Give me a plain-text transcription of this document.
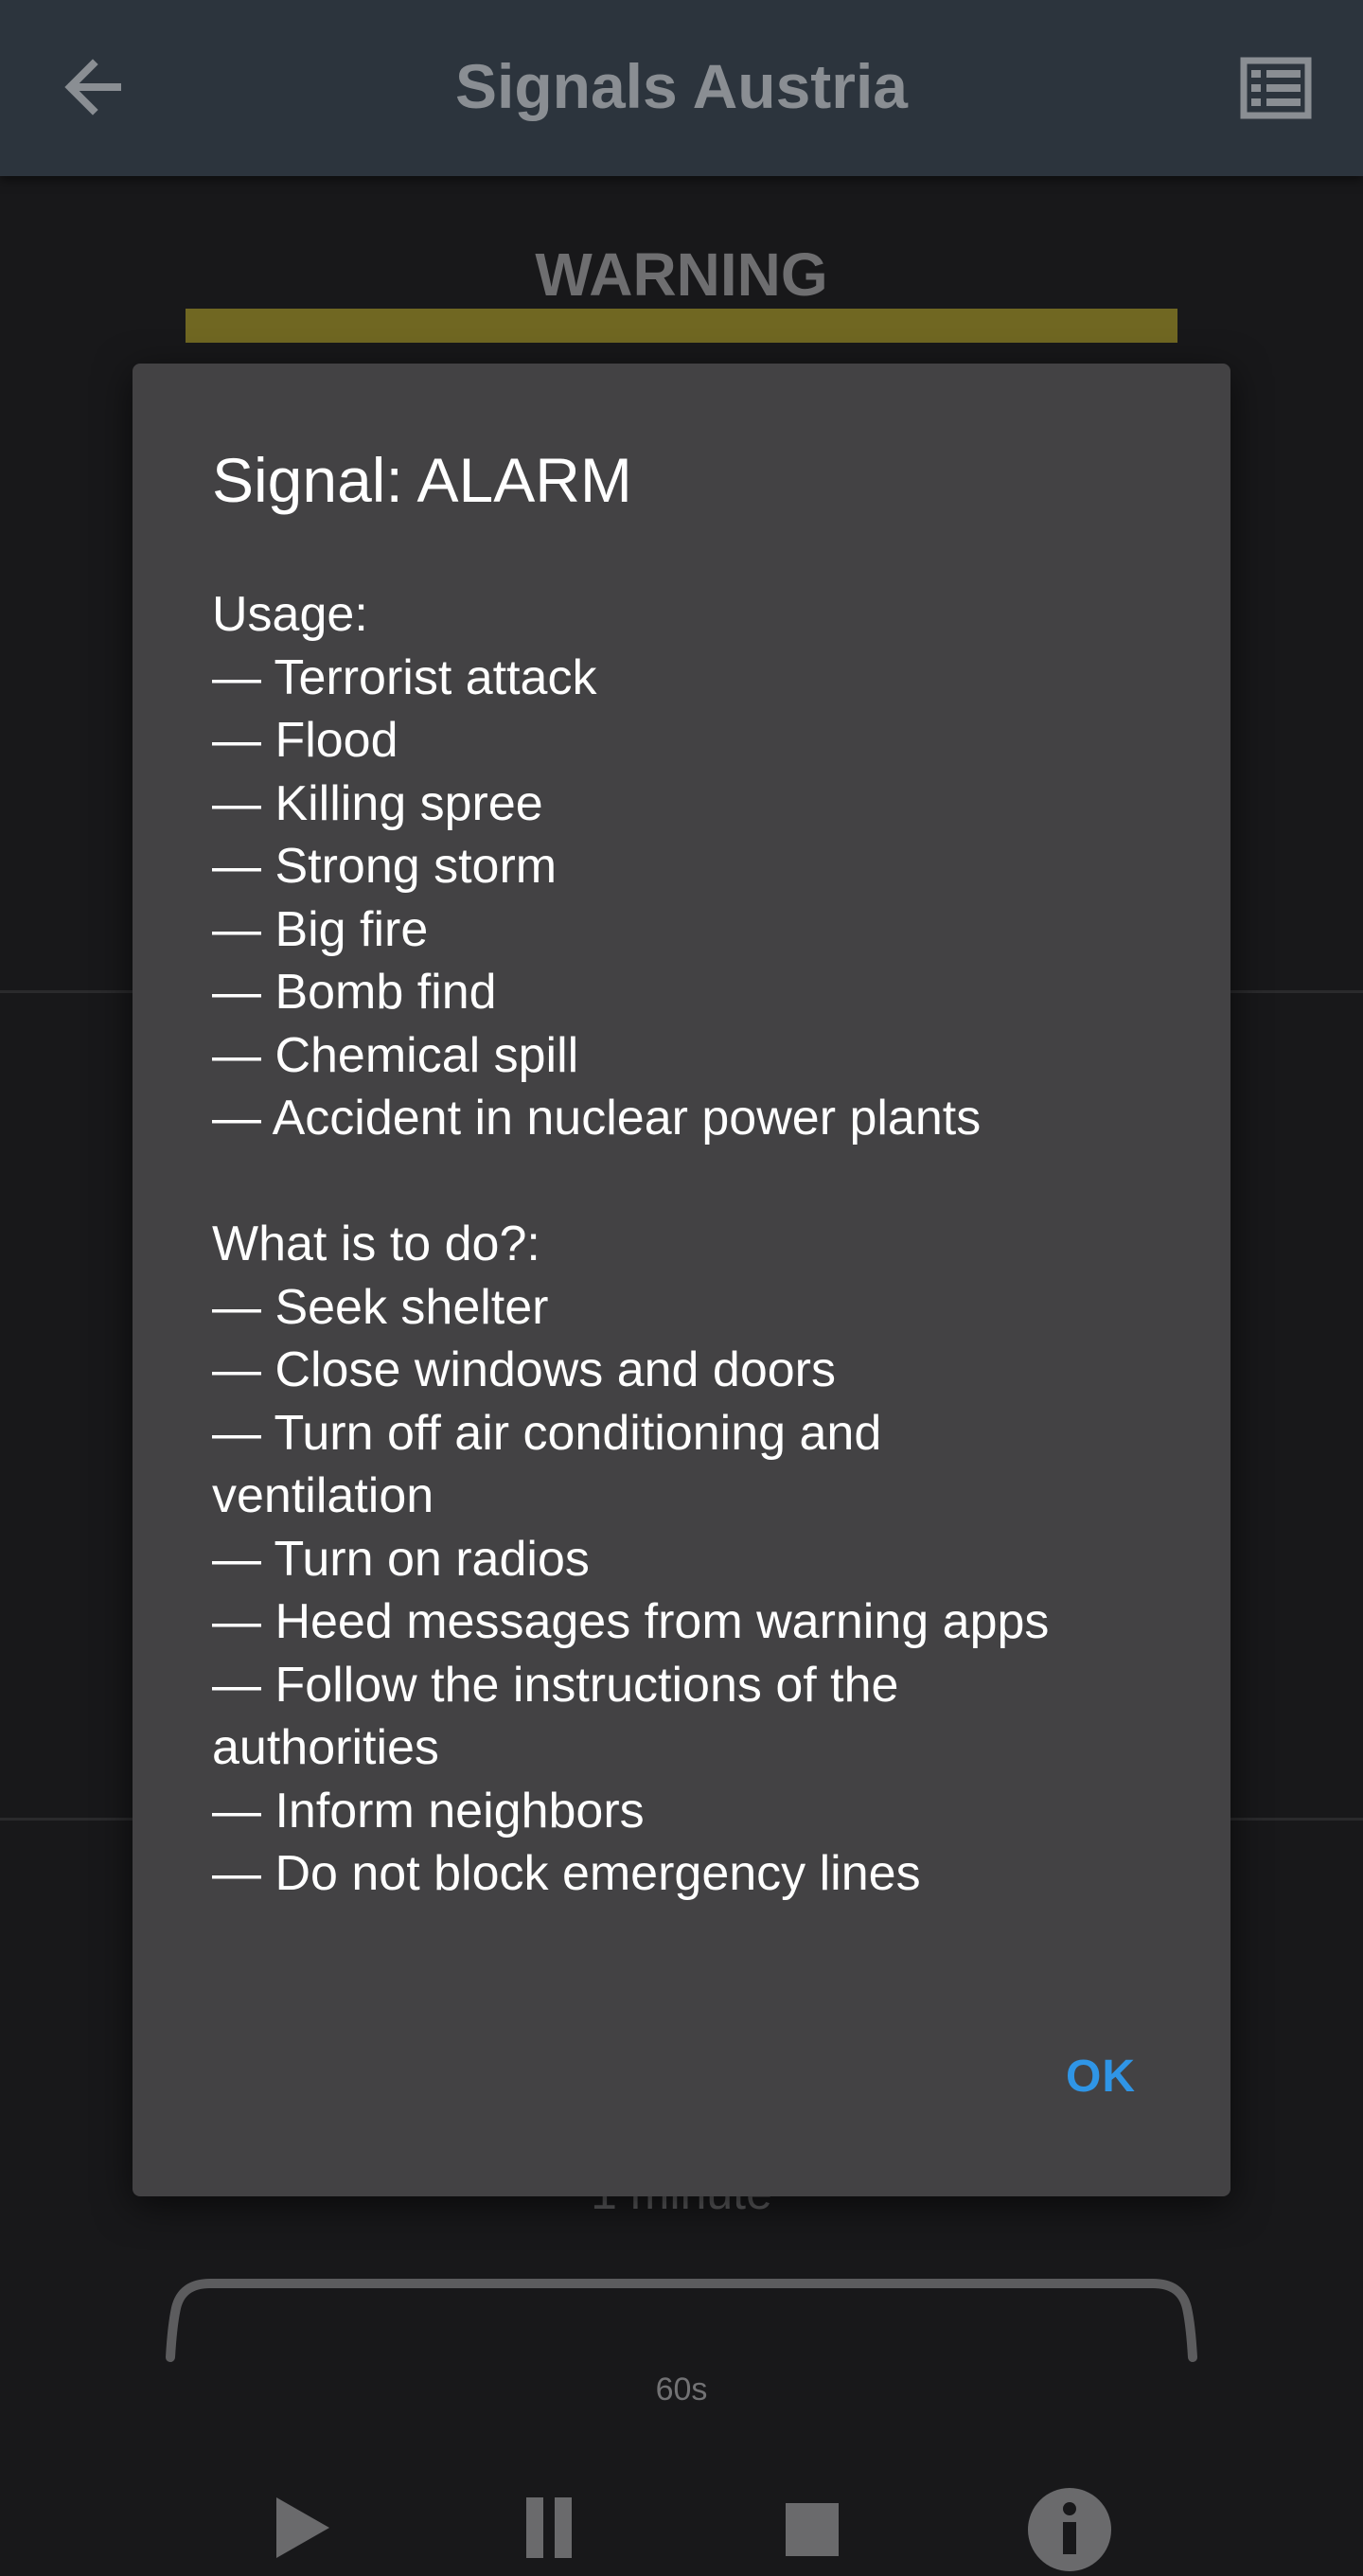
Signals Austria
WARNING
60s
Signal: ALARM
Usage:
— Terrorist attack
— Flood
— Killing spree
— Strong storm
— Big fire
— Bomb find
— Chemical spill
— Accident in nuclear power plants
What is to do?:
— Seek shelter
— Close windows and doors
— Turn off air conditioning and ventilation
— Turn on radios
— Heed messages from warning apps
— Follow the instructions of the authorities
— Inform neighbors
— Do not block emergency lines
OK
